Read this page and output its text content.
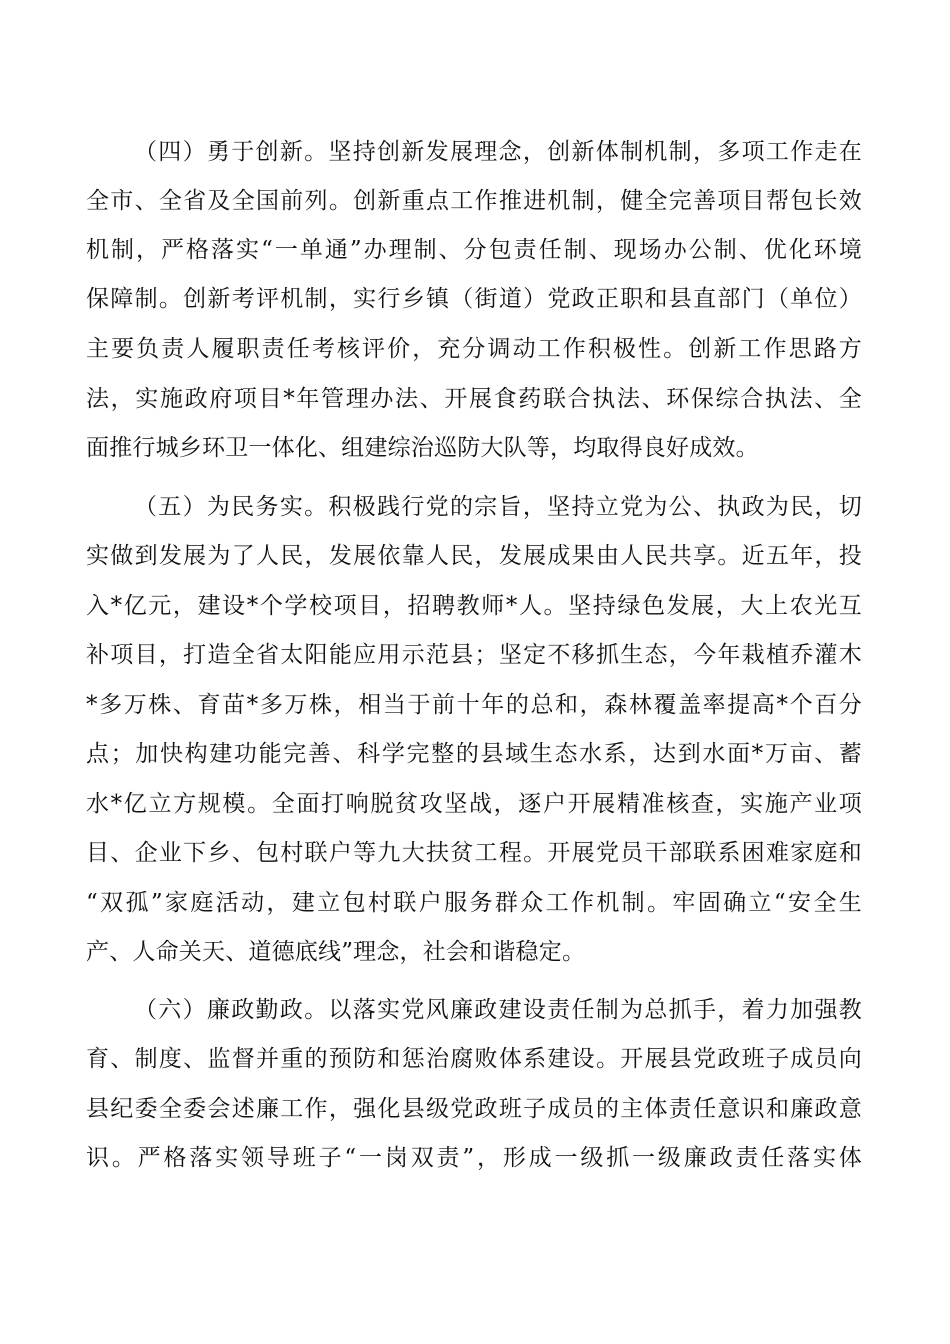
（四）勇于创新。坚持创新发展理念，创新体制机制，多项工作走在
全市、全省及全国前列。创新重点工作推进机制，健全完善项目帮包长效
机制，严格落实“一单通”办理制、分包责任制、现场办公制、优化环境
保障制。创新考评机制，实行乡镇（街道）党政正职和县直部门（单位）
主要负责人履职责任考核评价，充分调动工作积极性。创新工作思路方
法，实施政府项目*年管理办法、开展食药联合执法、环保综合执法、全
面推行城乡环卫一体化、组建综治巡防大队等，均取得良好成效。
（五）为民务实。积极践行党的宗旨，坚持立党为公、执政为民，切
实做到发展为了人民，发展依靠人民，发展成果由人民共享。近五年，投
入*亿元，建设*个学校项目，招聘教师*人。坚持绿色发展，大上农光互
补项目，打造全省太阳能应用示范县；坚定不移抓生态，今年栽植乔灌木
*多万株、育苗*多万株，相当于前十年的总和，森林覆盖率提高*个百分
点；加快构建功能完善、科学完整的县域生态水系，达到水面*万亩、蓄
水*亿立方规模。全面打响脱贫攻坚战，逐户开展精准核查，实施产业项
目、企业下乡、包村联户等九大扶贫工程。开展党员干部联系困难家庭和
“双孤”家庭活动，建立包村联户服务群众工作机制。牢固确立“安全生
产、人命关天、道德底线”理念，社会和谐稳定。
（六）廉政勤政。以落实党风廉政建设责任制为总抓手，着力加强教
育、制度、监督并重的预防和惩治腐败体系建设。开展县党政班子成员向
县纪委全委会述廉工作，强化县级党政班子成员的主体责任意识和廉政意
识。严格落实领导班子“一岗双责”，形成一级抓一级廉政责任落实体
